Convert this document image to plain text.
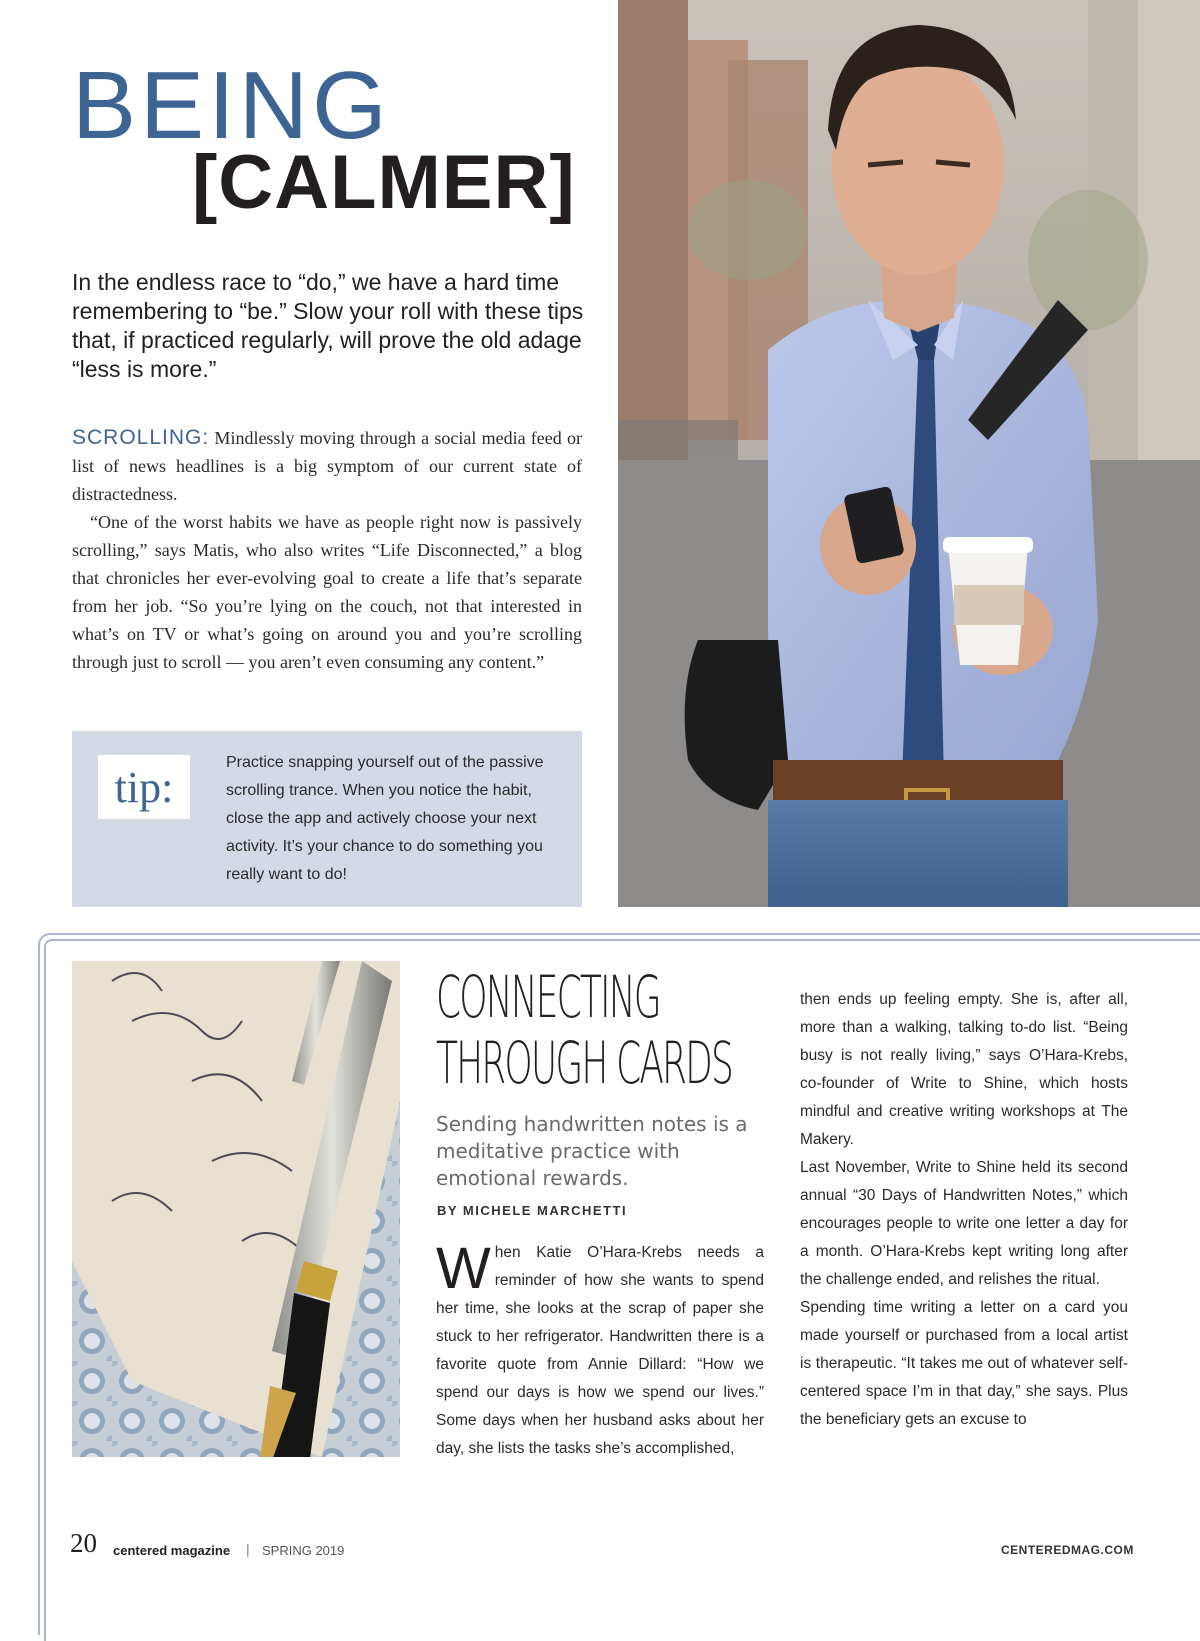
BEING
[CALMER]
In the endless race to “do,” we have a hard time remembering to “be.” Slow your roll with these tips that, if practiced regularly, will prove the old adage “less is more.”

SCROLLING: Mindlessly moving through a social media feed or list of news headlines is a big symptom of our current state of distractedness.

“One of the worst habits we have as people right now is passively scrolling,” says Matis, who also writes “Life Disconnected,” a blog that chronicles her ever-evolving goal to create a life that’s separate from her job. “So you’re lying on the couch, not that interested in what’s on TV or what’s going on around you and you’re scrolling through just to scroll — you aren’t even consuming any content.”

tip:	Practice snapping yourself out of the passive scrolling trance. When you notice the habit, close the app and actively choose your next activity. It’s your chance to do something you really want to do!
CONNECTING
THROUGH CARDS
Sending handwritten notes is a meditative practice with emotional rewards.
BY MICHELE MARCHETTI

When Katie O’Hara-Krebs needs a reminder of how she wants to spend her time, she looks at the scrap of paper she stuck to her refrigerator. Handwritten there is a favorite quote from Annie Dillard: “How we spend our days is how we spend our lives.” Some days when her husband asks about her day, she lists the tasks she’s accomplished,

then ends up feeling empty. She is, after all, more than a walking, talking to-do list. “Being busy is not really living,” says O’Hara-Krebs, co-founder of Write to Shine, which hosts mindful and creative writing workshops at The Makery.

Last November, Write to Shine held its second annual “30 Days of Handwritten Notes,” which encourages people to write one letter a day for a month. O’Hara-Krebs kept writing long after the challenge ended, and relishes the ritual.

Spending time writing a letter on a card you made yourself or purchased from a local artist is therapeutic. “It takes me out of whatever self-centered space I’m in that day,” she says. Plus the beneficiary gets an excuse to

20 centered magazine | SPRING 2019	CENTEREDMAG.COM
